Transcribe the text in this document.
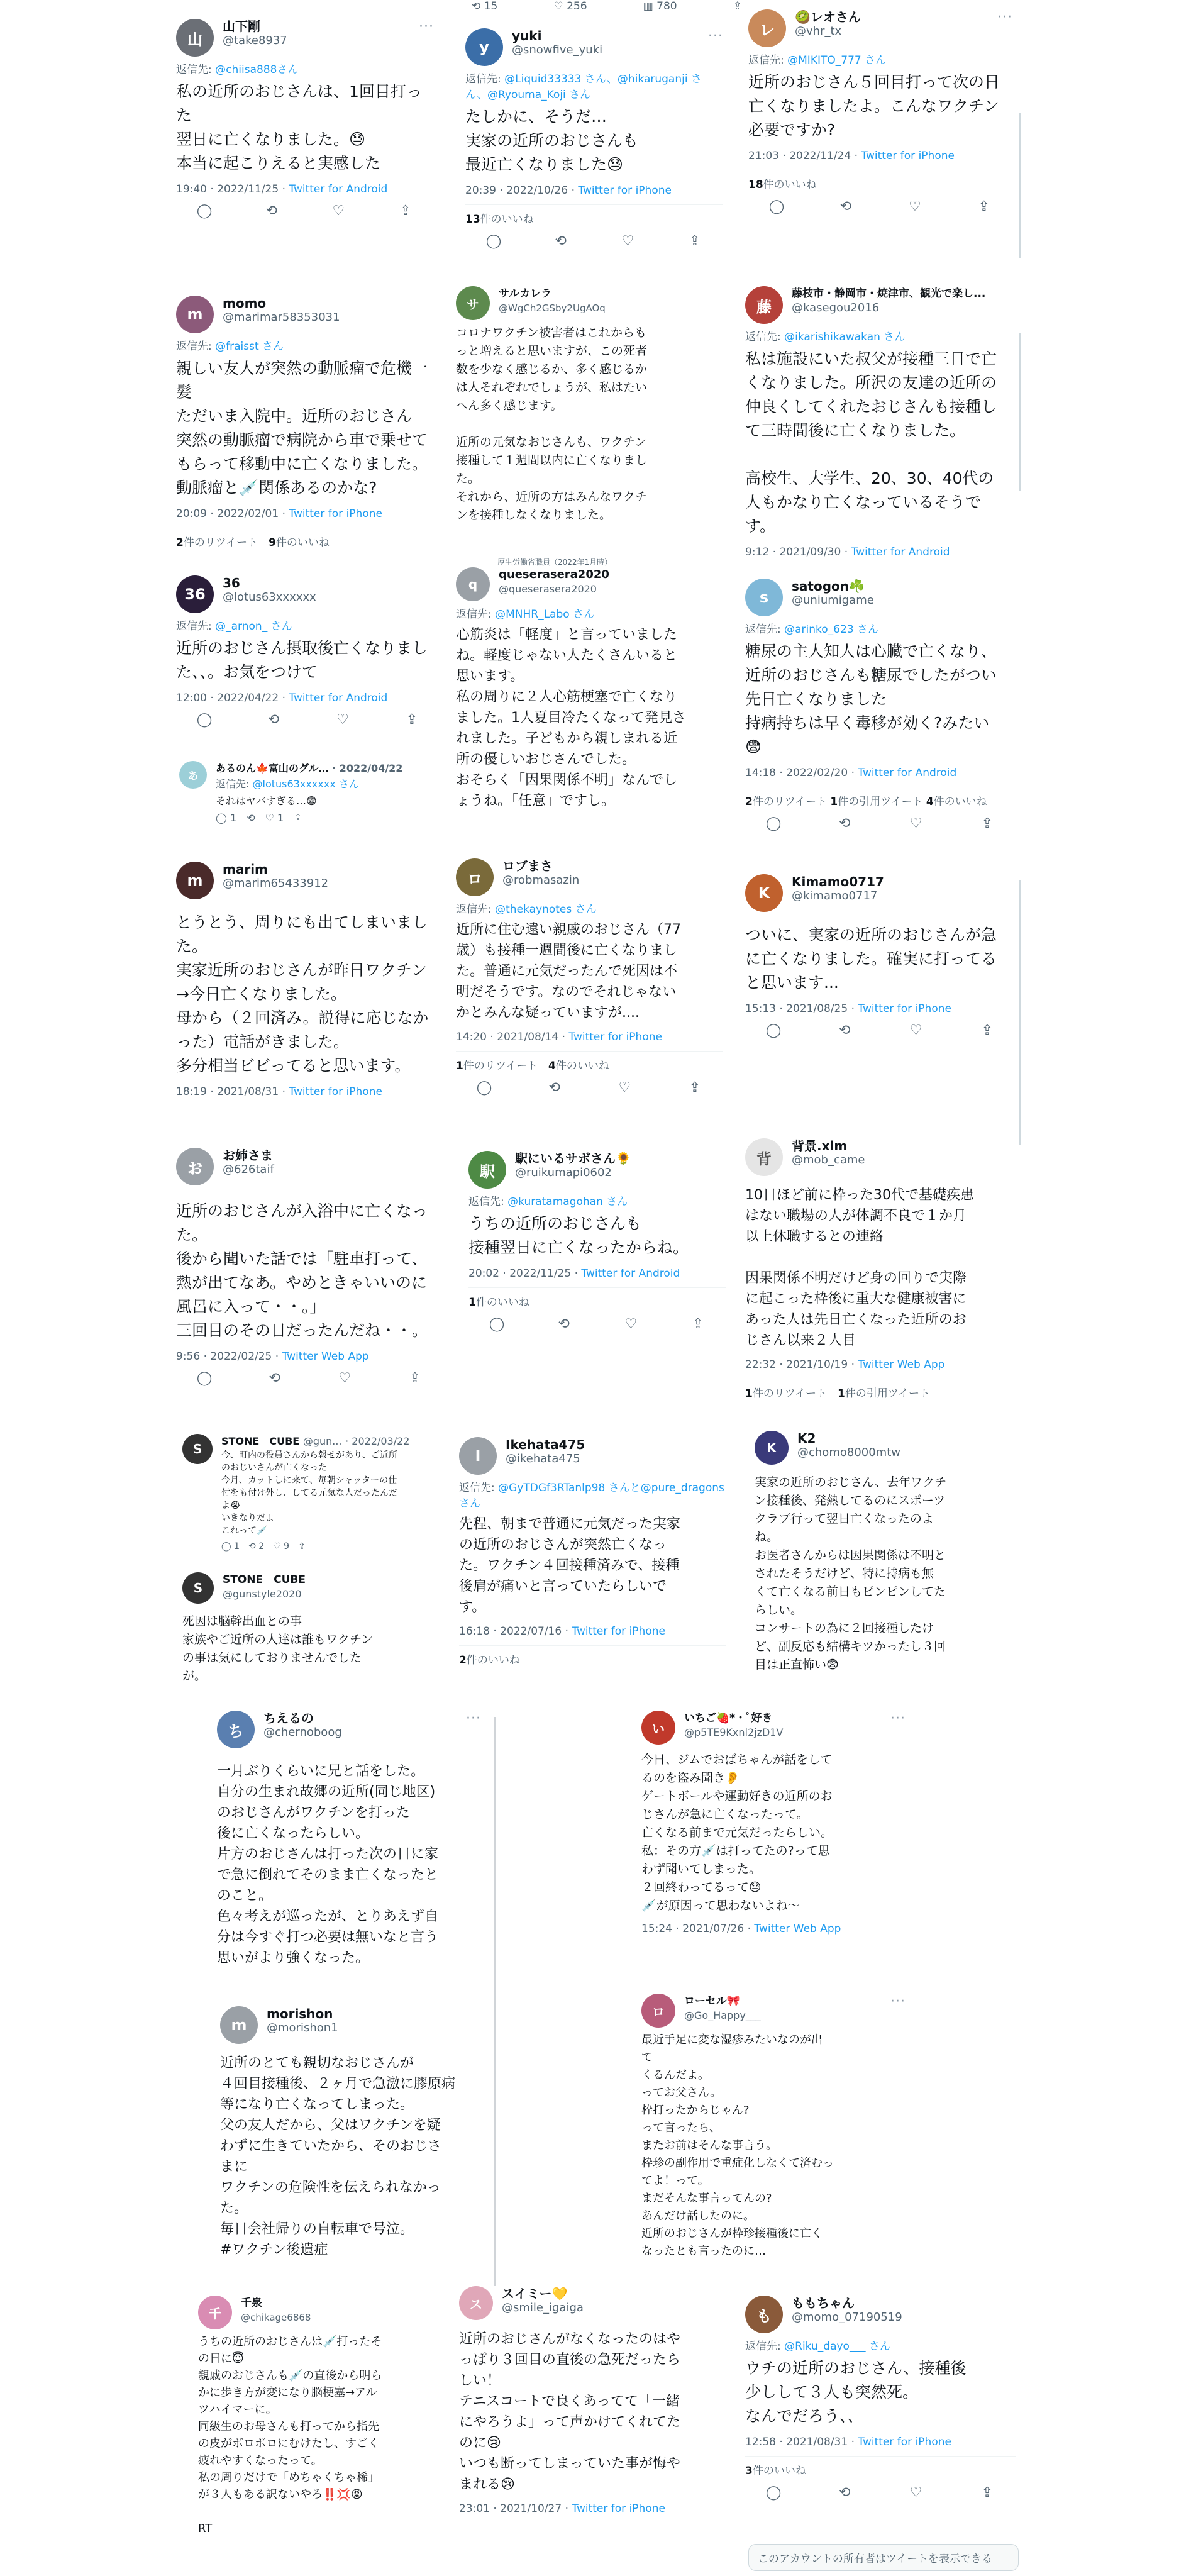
⟲ 15	♡ 256	▥ 780	⇪
山
山下剛
@take8937
···
返信先: @chiisa888さん
私の近所のおじさんは、1回目打った
翌日に亡くなりました。😓
本当に起こりえると実感した
19:40 · 2022/11/25 · Twitter for Android
◯	⟲	♡	⇪
y
yuki
@snowfive_yuki
···
返信先: @Liquid33333 さん、@hikaruganji さん、@Ryouma_Koji さん
たしかに、そうだ…
実家の近所のおじさんも
最近亡くなりました😓
20:39 · 2022/10/26 · Twitter for iPhone
13件のいいね
◯	⟲	♡	⇪
レ
🥝レオさん
@vhr_tx
···
返信先: @MIKITO_777 さん
近所のおじさん５回目打って次の日
亡くなりましたよ。こんなワクチン
必要ですか?
21:03 · 2022/11/24 · Twitter for iPhone
18件のいいね
◯	⟲	♡	⇪
m
momo
@marimar58353031
返信先: @fraisst さん
親しい友人が突然の動脈瘤で危機一
髪
ただいま入院中。近所のおじさん
突然の動脈瘤で病院から車で乗せて
もらって移動中に亡くなりました。
動脈瘤と💉関係あるのかな?
20:09 · 2022/02/01 · Twitter for iPhone
2件のリツイート　 9件のいいね
サ
サルカレラ
@WgCh2GSby2UgAOq
コロナワクチン被害者はこれからも
っと増えると思いますが、この死者
数を少なく感じるか、多く感じるか
は人それぞれでしょうが、私はたい
へん多く感じます。

近所の元気なおじさんも、ワクチン
接種して１週間以内に亡くなりまし
た。
それから、近所の方はみんなワクチ
ンを接種しなくなりました。
藤
藤枝市・静岡市・焼津市、観光で楽し...
@kasegou2016
返信先: @ikarishikawakan さん
私は施設にいた叔父が接種三日で亡
くなりました。所沢の友達の近所の
仲良くしてくれたおじさんも接種し
て三時間後に亡くなりました。

高校生、大学生、20、30、40代の
人もかなり亡くなっているそうで
す。
9:12 · 2021/09/30 · Twitter for Android
36
36
@lotus63xxxxxx
返信先: @_arnon_ さん
近所のおじさん摂取後亡くなりまし
た、、。お気をつけて
12:00 · 2022/04/22 · Twitter for Android
◯	⟲	♡	⇪
あ
あるのん🍁富山のグル… · 2022/04/22
返信先: @lotus63xxxxxx さん
それはヤバすぎる…😨
◯ 1　⟲　♡ 1　⇪
厚生労働省職員（2022年1月時）
q
queserasera2020
@queserasera2020
返信先: @MNHR_Labo さん
心筋炎は「軽度」と言っていました
ね。軽度じゃない人たくさんいると
思います。
私の周りに２人心筋梗塞で亡くなり
ました。1人夏目冷たくなって発見さ
れました。子どもから親しまれる近
所の優しいおじさんでした。
おそらく「因果関係不明」なんでし
ょうね。「任意」ですし。
s
satogon☘️
@uniumigame
返信先: @arinko_623 さん
糖尿の主人知人は心臓で亡くなり、
近所のおじさんも糖尿でしたがつい
先日亡くなりました
持病持ちは早く毒移が効く?みたい
😨
14:18 · 2022/02/20 · Twitter for Android
2件のリツイート 1件の引用ツイート 4件のいいね
◯	⟲	♡	⇪
m
marim
@marim65433912
とうとう、周りにも出てしまいまし
た。
実家近所のおじさんが昨日ワクチン
→今日亡くなりました。
母から（２回済み。説得に応じなか
った）電話がきました。
多分相当ビビってると思います。
18:19 · 2021/08/31 · Twitter for iPhone
ロ
ロブまさ
@robmasazin
返信先: @thekaynotes さん
近所に住む遠い親戚のおじさん（77
歳）も接種一週間後に亡くなりまし
た。普通に元気だったんで死因は不
明だそうです。なのでそれじゃない
かとみんな疑っていますが....
14:20 · 2021/08/14 · Twitter for iPhone
1件のリツイート　 4件のいいね
◯	⟲	♡	⇪
K
Kimamo0717
@kimamo0717
ついに、実家の近所のおじさんが急
に亡くなりました。確実に打ってる
と思います...
15:13 · 2021/08/25 · Twitter for iPhone
◯	⟲	♡	⇪
お
お姉さま
@626taif
近所のおじさんが入浴中に亡くなっ
た。
後から聞いた話では「駐車打って、
熱が出てなあ。やめときゃいいのに
風呂に入って・・。」
三回目のその日だったんだね・・。
9:56 · 2022/02/25 · Twitter Web App
◯	⟲	♡	⇪
駅
駅にいるサボさん🌻
@ruikumapi0602
返信先: @kuratamagohan さん
うちの近所のおじさんも
接種翌日に亡くなったからね。
20:02 · 2022/11/25 · Twitter for Android
1件のいいね
◯	⟲	♡	⇪
背
背景.xlm
@mob_came
10日ほど前に枠った30代で基礎疾患
はない職場の人が体調不良で１か月
以上休職するとの連絡

因果関係不明だけど身の回りで実際
に起こった枠後に重大な健康被害に
あった人は先日亡くなった近所のお
じさん以来２人目
22:32 · 2021/10/19 · Twitter Web App
1件のリツイート　 1件の引用ツイート
S
STONE　CUBE @gun... · 2022/03/22
今、町内の役員さんから報せがあり、ご近所
のおじいさんが亡くなった
今月、カットしに来て、毎朝シャッターの仕
付をも付け外し、してる元気な人だったんだ
よ😭
いきなりだよ
これって💉
◯ 1　⟲ 2　♡ 9　⇪
S
STONE　CUBE
@gunstyle2020
死因は脳幹出血との事
家族やご近所の人達は誰もワクチン
の事は気にしておりませんでした
が。
I
Ikehata475
@ikehata475
返信先: @GyTDGf3RTanlp98 さんと@pure_dragons さん
先程、朝まで普通に元気だった実家
の近所のおじさんが突然亡くなっ
た。ワクチン４回接種済みで、接種
後肩が痛いと言っていたらしいで
す。
16:18 · 2022/07/16 · Twitter for iPhone
2件のいいね
K
K2
@chomo8000mtw
実家の近所のおじさん、去年ワクチ
ン接種後、発熱してるのにスポーツ
クラブ行って翌日亡くなったのよ
ね。
お医者さんからは因果関係は不明と
されたそうだけど、特に持病も無
くて亡くなる前日もピンピンしてた
らしい。
コンサートの為に２回接種したけ
ど、副反応も結構キツかったし３回
目は正直怖い😨
ち
ちえるの
@chernoboog
···
一月ぶりくらいに兄と話をした。
自分の生まれ故郷の近所(同じ地区)
のおじさんがワクチンを打った
後に亡くなったらしい。
片方のおじさんは打った次の日に家
で急に倒れてそのまま亡くなったと
のこと。
色々考えが巡ったが、とりあえず自
分は今すぐ打つ必要は無いなと言う
思いがより強くなった。
い
いちご🍓*・ﾟ好き
@p5TE9Kxnl2jzD1V
···
今日、ジムでおばちゃんが話をして
るのを盗み聞き👂
ゲートボールや運動好きの近所のお
じさんが急に亡くなったって。
亡くなる前まで元気だったらしい。
私：その方💉は打ってたの?って思
わず聞いてしまった。
２回終わってるって😓
💉が原因って思わないよね〜
15:24 · 2021/07/26 · Twitter Web App
m
morishon
@morishon1
近所のとても親切なおじさんが
４回目接種後、２ヶ月で急激に膠原病
等になり亡くなってしまった。
父の友人だから、父はワクチンを疑
わずに生きていたから、そのおじさ
まに
ワクチンの危険性を伝えられなかっ
た。
毎日会社帰りの自転車で号泣。
#ワクチン後遺症
ロ
ローセル🎀
@Go_Happy___
···
最近手足に変な湿疹みたいなのが出
て
くるんだよ。
ってお父さん。
枠打ったからじゃん?
って言ったら、
またお前はそんな事言う。
枠珍の副作用で重症化しなくて済むっ
てよ！って。
まだそんな事言ってんの?
あんだけ話したのに。
近所のおじさんが枠珍接種後に亡く
なったとも言ったのに…
千
千泉
@chikage6868
うちの近所のおじさんは💉打ったそ
の日に😇
親戚のおじさんも💉の直後から明ら
かに歩き方が変になり脳梗塞→アル
ツハイマーに。
同級生のお母さんも打ってから指先
の皮がボロボロにむけたし、すごく
疲れやすくなったって。
私の周りだけで「めちゃくちゃ稀」
が３人もある訳ないやろ‼️💢😡

RT
ス
スイミー💛
@smile_igaiga
近所のおじさんがなくなったのはや
っぱり３回目の直後の急死だったら
しい！
テニスコートで良くあってて「一緒
にやろうよ」って声かけてくれてた
のに😢
いつも断ってしまっていた事が悔や
まれる😢
23:01 · 2021/10/27 · Twitter for iPhone
も
ももちゃん
@momo_07190519
返信先: @Riku_dayo___ さん
ウチの近所のおじさん、接種後
少しして３人も突然死。
なんでだろう、、
12:58 · 2021/08/31 · Twitter for iPhone
3件のいいね
◯	⟲	♡	⇪
このアカウントの所有者はツイートを表示できる
